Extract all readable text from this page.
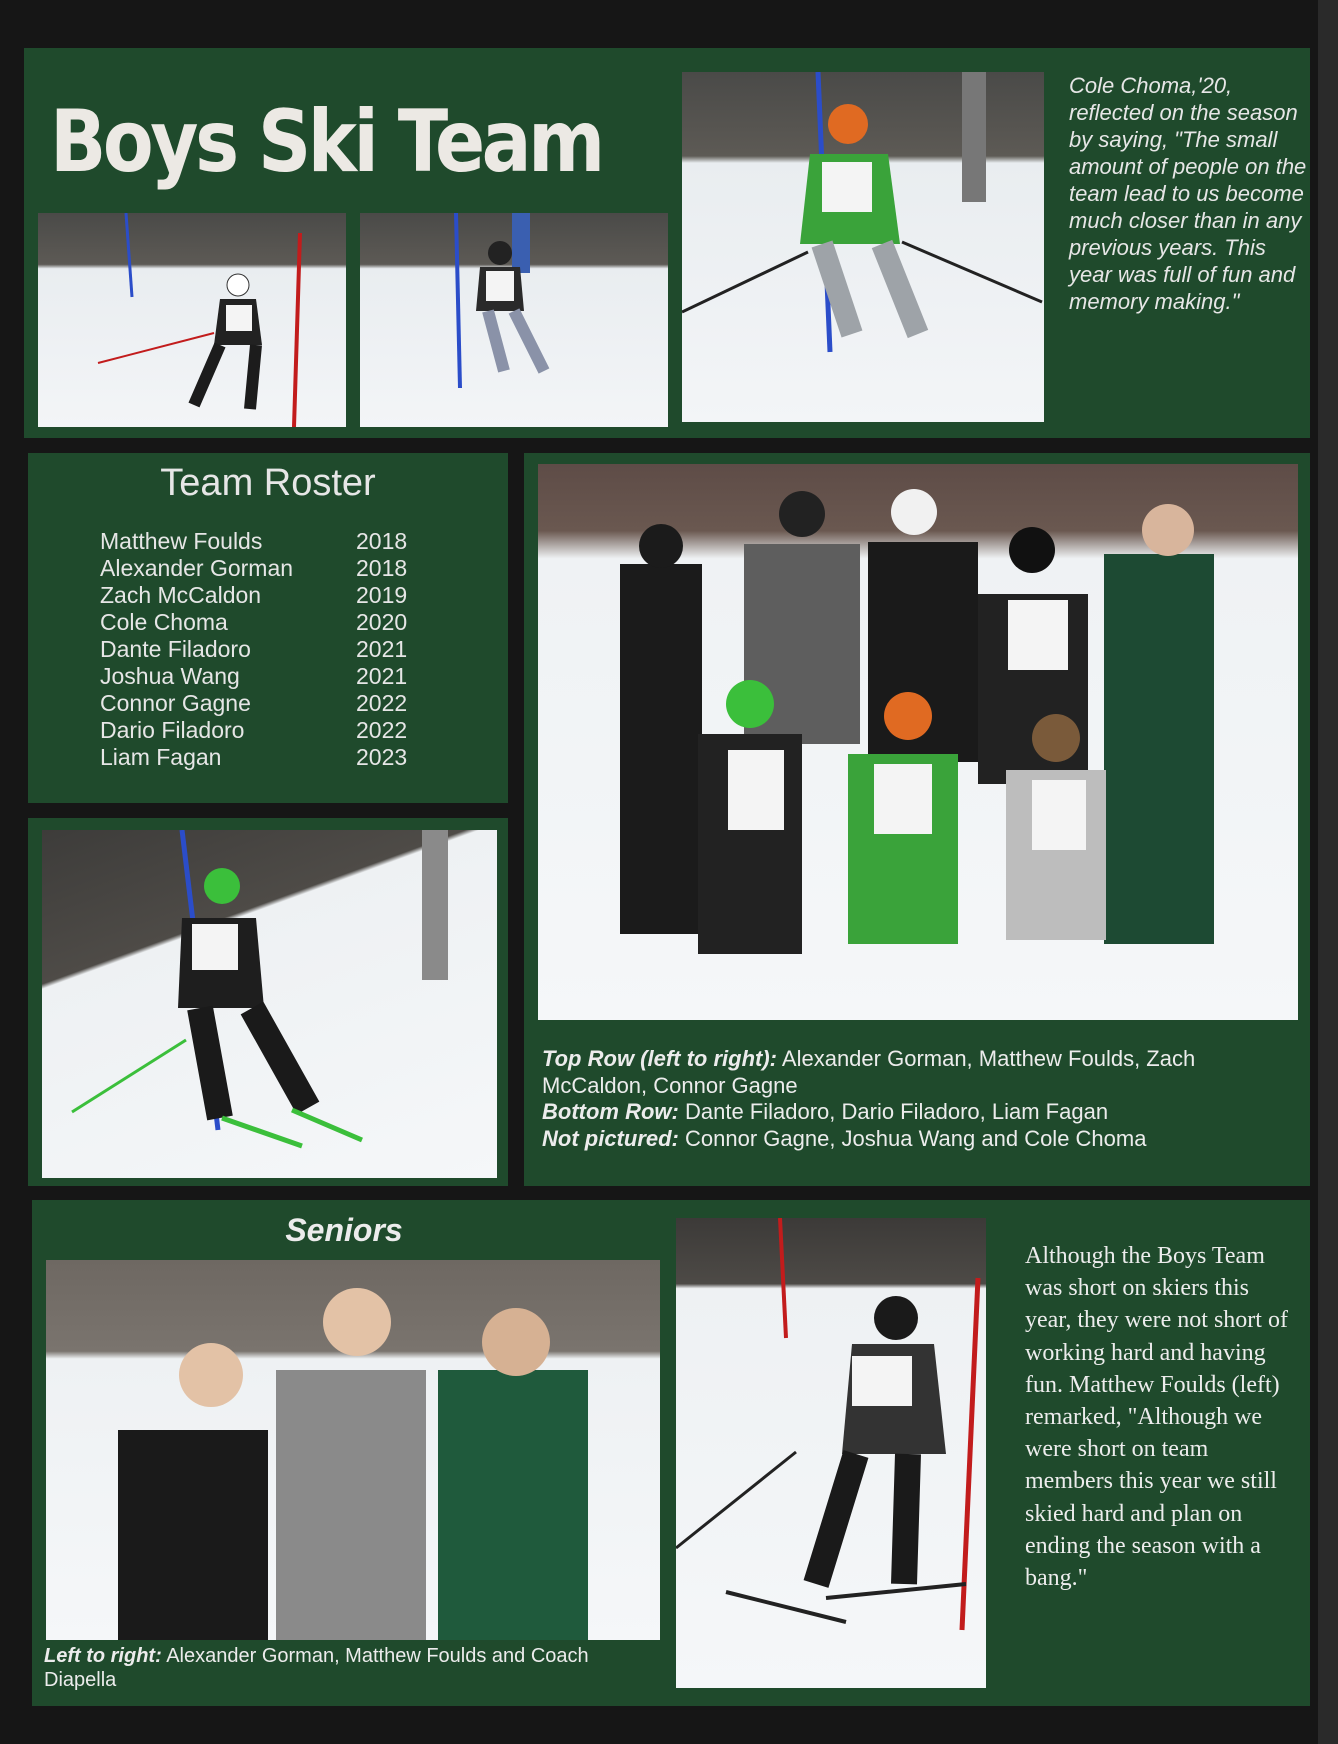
Boys Ski Team
Cole Choma,'20, reflected on the season by saying, "The small amount of people on the team lead to us become much closer than in any previous years. This year was full of fun and memory making."
Team Roster
Matthew Foulds	2018
Alexander Gorman	2018
Zach McCaldon	2019
Cole Choma	2020
Dante Filadoro	2021
Joshua Wang	2021
Connor Gagne	2022
Dario Filadoro	2022
Liam Fagan	2023
Top Row (left to right): Alexander Gorman, Matthew Foulds, Zach McCaldon, Connor Gagne
Bottom Row: Dante Filadoro, Dario Filadoro, Liam Fagan
Not pictured: Connor Gagne, Joshua Wang and Cole Choma
Seniors
Left to right: Alexander Gorman, Matthew Foulds and Coach Diapella
Although the Boys Team was short on skiers this year, they were not short of working hard and having fun. Matthew Foulds (left) remarked, "Although we were short on team members this year we still skied hard and plan on ending the season with a bang."
